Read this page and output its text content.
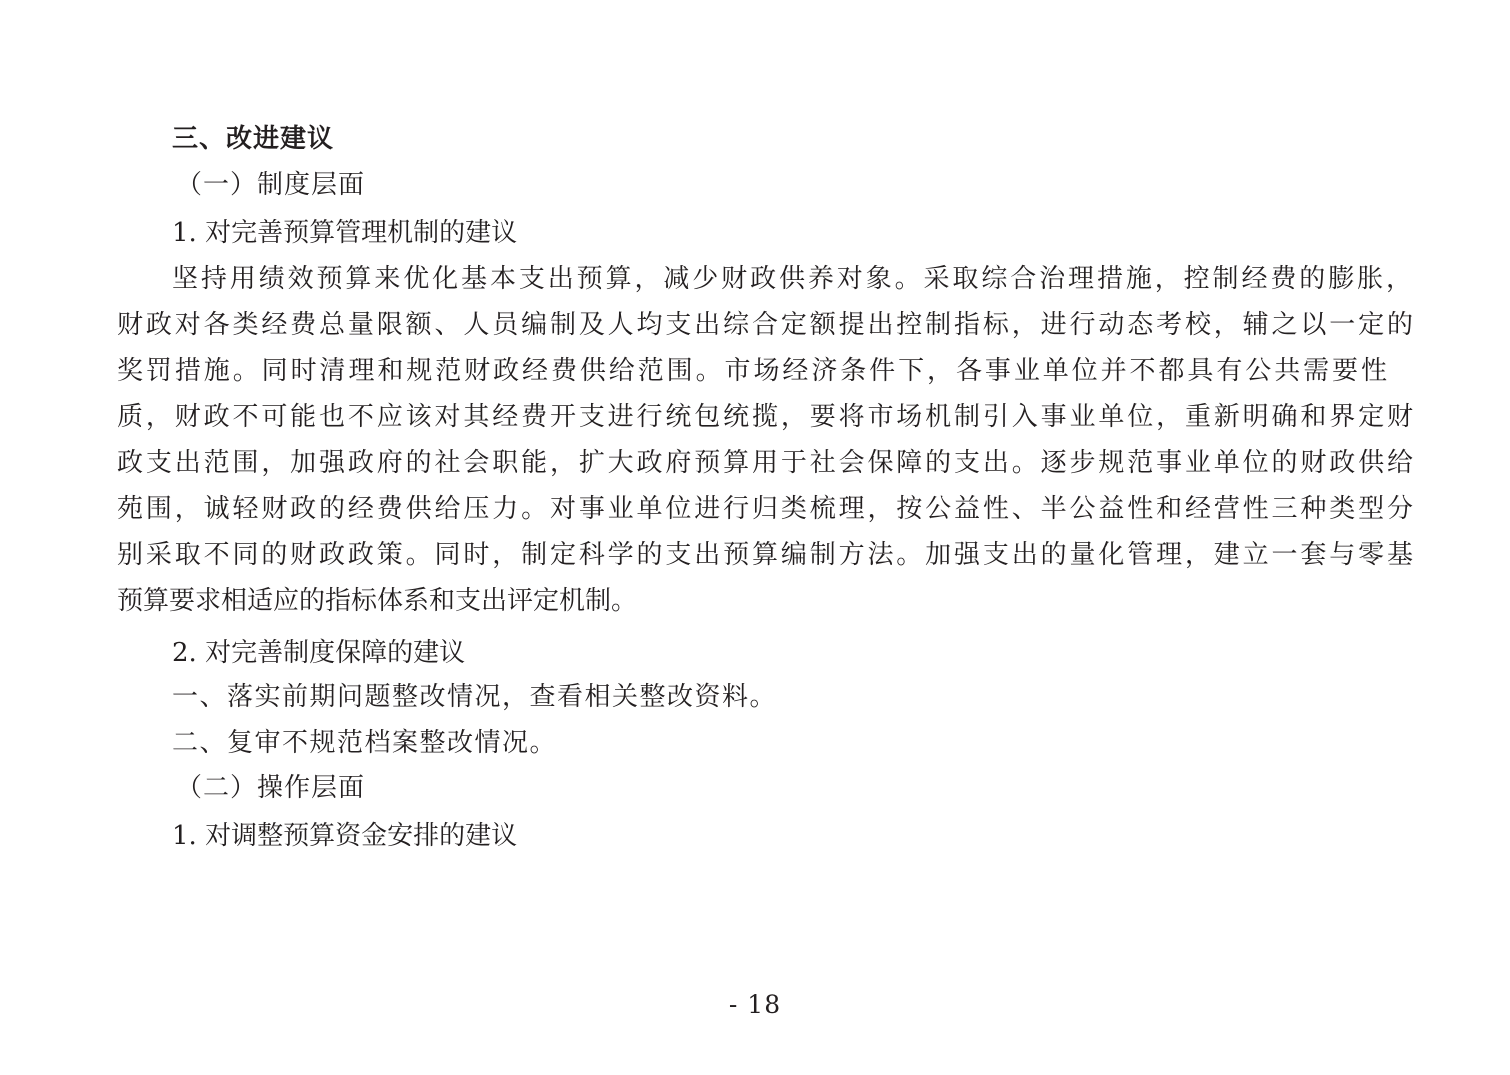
三、改进建议
（一）制度层面
1. 对完善预算管理机制的建议
坚持用绩效预算来优化基本支出预算，减少财政供养对象。采取综合治理措施，控制经费的膨胀，
财政对各类经费总量限额、人员编制及人均支出综合定额提出控制指标，进行动态考校，辅之以一定的
奖罚措施。同时清理和规范财政经费供给范围。市场经济条件下，各事业单位并不都具有公共需要性
质，财政不可能也不应该对其经费开支进行统包统揽，要将市场机制引入事业单位，重新明确和界定财
政支出范围，加强政府的社会职能，扩大政府预算用于社会保障的支出。逐步规范事业单位的财政供给
苑围，诚轻财政的经费供给压力。对事业单位进行归类梳理，按公益性、半公益性和经营性三种类型分
别采取不同的财政政策。同时，制定科学的支出预算编制方法。加强支出的量化管理，建立一套与零基
预算要求相适应的指标体系和支出评定机制。
2. 对完善制度保障的建议
一、落实前期问题整改情况，查看相关整改资料。
二、复审不规范档案整改情况。
（二）操作层面
1. 对调整预算资金安排的建议
- 18
